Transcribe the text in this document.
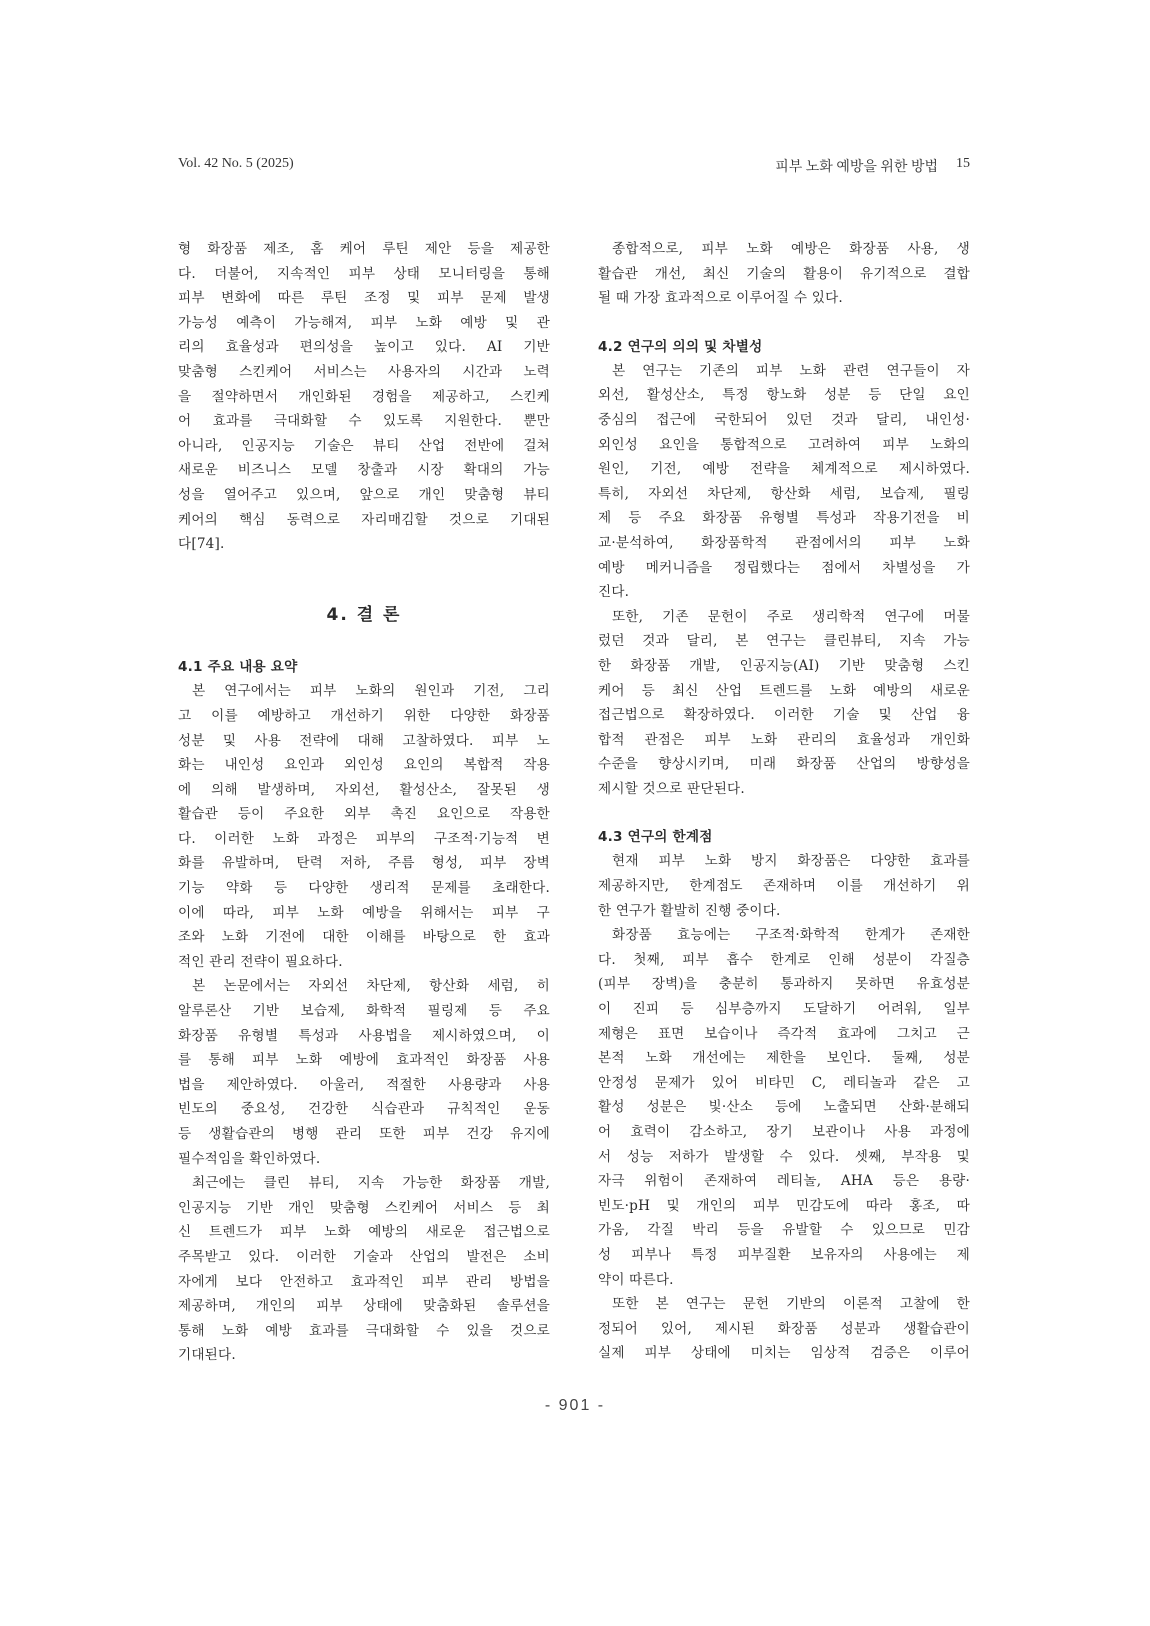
Vol. 42 No. 5 (2025)	피부 노화 예방을 위한 방법 15
형 화장품 제조, 홈 케어 루틴 제안 등을 제공한
다. 더불어, 지속적인 피부 상태 모니터링을 통해
피부 변화에 따른 루틴 조정 및 피부 문제 발생
가능성 예측이 가능해져, 피부 노화 예방 및 관
리의 효율성과 편의성을 높이고 있다. AI 기반
맞춤형 스킨케어 서비스는 사용자의 시간과 노력
을 절약하면서 개인화된 경험을 제공하고, 스킨케
어 효과를 극대화할 수 있도록 지원한다. 뿐만
아니라, 인공지능 기술은 뷰티 산업 전반에 걸쳐
새로운 비즈니스 모델 창출과 시장 확대의 가능
성을 열어주고 있으며, 앞으로 개인 맞춤형 뷰티
케어의 핵심 동력으로 자리매김할 것으로 기대된
다[74].
4. 결 론
4.1 주요 내용 요약
본 연구에서는 피부 노화의 원인과 기전, 그리
고 이를 예방하고 개선하기 위한 다양한 화장품
성분 및 사용 전략에 대해 고찰하였다. 피부 노
화는 내인성 요인과 외인성 요인의 복합적 작용
에 의해 발생하며, 자외선, 활성산소, 잘못된 생
활습관 등이 주요한 외부 촉진 요인으로 작용한
다. 이러한 노화 과정은 피부의 구조적·기능적 변
화를 유발하며, 탄력 저하, 주름 형성, 피부 장벽
기능 약화 등 다양한 생리적 문제를 초래한다.
이에 따라, 피부 노화 예방을 위해서는 피부 구
조와 노화 기전에 대한 이해를 바탕으로 한 효과
적인 관리 전략이 필요하다.
본 논문에서는 자외선 차단제, 항산화 세럼, 히
알루론산 기반 보습제, 화학적 필링제 등 주요
화장품 유형별 특성과 사용법을 제시하였으며, 이
를 통해 피부 노화 예방에 효과적인 화장품 사용
법을 제안하였다. 아울러, 적절한 사용량과 사용
빈도의 중요성, 건강한 식습관과 규칙적인 운동
등 생활습관의 병행 관리 또한 피부 건강 유지에
필수적임을 확인하였다.
최근에는 클린 뷰티, 지속 가능한 화장품 개발,
인공지능 기반 개인 맞춤형 스킨케어 서비스 등 최
신 트렌드가 피부 노화 예방의 새로운 접근법으로
주목받고 있다. 이러한 기술과 산업의 발전은 소비
자에게 보다 안전하고 효과적인 피부 관리 방법을
제공하며, 개인의 피부 상태에 맞춤화된 솔루션을
통해 노화 예방 효과를 극대화할 수 있을 것으로
기대된다.
종합적으로, 피부 노화 예방은 화장품 사용, 생
활습관 개선, 최신 기술의 활용이 유기적으로 결합
될 때 가장 효과적으로 이루어질 수 있다.
4.2 연구의 의의 및 차별성
본 연구는 기존의 피부 노화 관련 연구들이 자
외선, 활성산소, 특정 항노화 성분 등 단일 요인
중심의 접근에 국한되어 있던 것과 달리, 내인성·
외인성 요인을 통합적으로 고려하여 피부 노화의
원인, 기전, 예방 전략을 체계적으로 제시하였다.
특히, 자외선 차단제, 항산화 세럼, 보습제, 필링
제 등 주요 화장품 유형별 특성과 작용기전을 비
교·분석하여, 화장품학적 관점에서의 피부 노화
예방 메커니즘을 정립했다는 점에서 차별성을 가
진다.
또한, 기존 문헌이 주로 생리학적 연구에 머물
렀던 것과 달리, 본 연구는 클린뷰티, 지속 가능
한 화장품 개발, 인공지능(AI) 기반 맞춤형 스킨
케어 등 최신 산업 트렌드를 노화 예방의 새로운
접근법으로 확장하였다. 이러한 기술 및 산업 융
합적 관점은 피부 노화 관리의 효율성과 개인화
수준을 향상시키며, 미래 화장품 산업의 방향성을
제시할 것으로 판단된다.
4.3 연구의 한계점
현재 피부 노화 방지 화장품은 다양한 효과를
제공하지만, 한계점도 존재하며 이를 개선하기 위
한 연구가 활발히 진행 중이다.
화장품 효능에는 구조적·화학적 한계가 존재한
다. 첫째, 피부 흡수 한계로 인해 성분이 각질층
(피부 장벽)을 충분히 통과하지 못하면 유효성분
이 진피 등 심부층까지 도달하기 어려워, 일부
제형은 표면 보습이나 즉각적 효과에 그치고 근
본적 노화 개선에는 제한을 보인다. 둘째, 성분
안정성 문제가 있어 비타민 C, 레티놀과 같은 고
활성 성분은 빛·산소 등에 노출되면 산화·분해되
어 효력이 감소하고, 장기 보관이나 사용 과정에
서 성능 저하가 발생할 수 있다. 셋째, 부작용 및
자극 위험이 존재하여 레티놀, AHA 등은 용량·
빈도·pH 및 개인의 피부 민감도에 따라 홍조, 따
가움, 각질 박리 등을 유발할 수 있으므로 민감
성 피부나 특정 피부질환 보유자의 사용에는 제
약이 따른다.
또한 본 연구는 문헌 기반의 이론적 고찰에 한
정되어 있어, 제시된 화장품 성분과 생활습관이
실제 피부 상태에 미치는 임상적 검증은 이루어
- 901 -
